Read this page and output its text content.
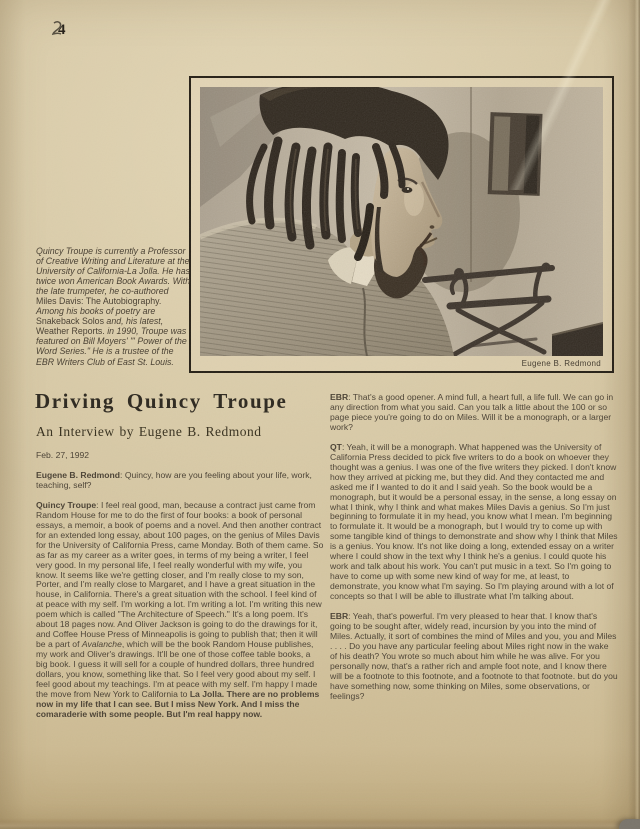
4
Eugene B. Redmond
Quincy Troupe is currently a Professor of Creative Writing and Literature at the University of California-La Jolla. He has twice won American Book Awards. With the late trumpeter, he co-authored Miles Davis: The Autobiography. Among his books of poetry are Snakeback Solos and, his latest, Weather Reports. in 1990, Troupe was featured on Bill Moyers' "' Power of the Word Series." He is a trustee of the EBR Writers Club of East St. Louis.
Driving Quincy Troupe
An Interview by Eugene B. Redmond
Feb. 27, 1992

Eugene B. Redmond: Quincy, how are you feeling about your life, work, teaching, self?

Quincy Troupe: I feel real good, man, because a contract just came from Random House for me to do the first of four books: a book of personal essays, a memoir, a book of poems and a novel. And then another contract for an extended long essay, about 100 pages, on the genius of Miles Davis for the University of California Press, came Monday. Both of them came. So as far as my career as a writer goes, in terms of my being a writer, I feel very good. In my personal life, I feel really wonderful with my wife, you know. It seems like we're getting closer, and I'm really close to my son, Porter, and I'm really close to Margaret, and I have a great situation in the house, in California. There's a great situation with the school. I feel kind of at peace with my self. I'm working a lot. I'm writing a lot. I'm writing this new poem which is called "The Architecture of Speech." It's a long poem. It's about 18 pages now. And Oliver Jackson is going to do the drawings for it, and Coffee House Press of Minneapolis is going to publish that; then it will be a part of Avalanche, which will be the book Random House publishes, my work and Oliver's drawings. It'll be one of those coffee table books, a big book. I guess it will sell for a couple of hundred dollars, three hundred dollars, you know, something like that. So I feel very good about my self. I feel good about my teachings. I'm at peace with my self. I'm happy I made the move from New York to California to La Jolla. There are no problems now in my life that I can see. But I miss New York. And I miss the comaraderie with some people. But I'm real happy now.

EBR: That's a good opener. A mind full, a heart full, a life full. We can go in any direction from what you said. Can you talk a little about the 100 or so page piece you're going to do on Miles. Will it be a monograph, or a larger work?

QT: Yeah, it will be a monograph. What happened was the University of California Press decided to pick five writers to do a book on whoever they thought was a genius. I was one of the five writers they picked. I don't know how they arrived at picking me, but they did. And they contacted me and asked me if I wanted to do it and I said yeah. So the book would be a monograph, but it would be a personal essay, in the sense, a long essay on what I think, why I think and what makes Miles Davis a genius. So I'm just beginning to formulate it in my head, you know what I mean. I'm beginning to formulate it. It would be a monograph, but I would try to come up with some tangible kind of things to demonstrate and show why I think that Miles is a genius. You know. It's not like doing a long, extended essay on a writer where I could show in the text why I think he's a genius. I could quote his work and talk about his work. You can't put music in a text. So I'm going to have to come up with some new kind of way for me, at least, to demonstrate, you know what I'm saying. So I'm playing around with a lot of concepts so that I will be able to illustrate what I'm talking about.

EBR: Yeah, that's powerful. I'm very pleased to hear that. I know that's going to be sought after, widely read, incursion by you into the mind of Miles. Actually, it sort of combines the mind of Miles and you, you and Miles . . . . Do you have any particular feeling about Miles right now in the wake of his death? You wrote so much about him while he was alive. For you personally now, that's a rather rich and ample foot note, and I know there will be a footnote to this footnote, and a footnote to that footnote. but do you have something now, some thinking on Miles, some observations, or feelings?
